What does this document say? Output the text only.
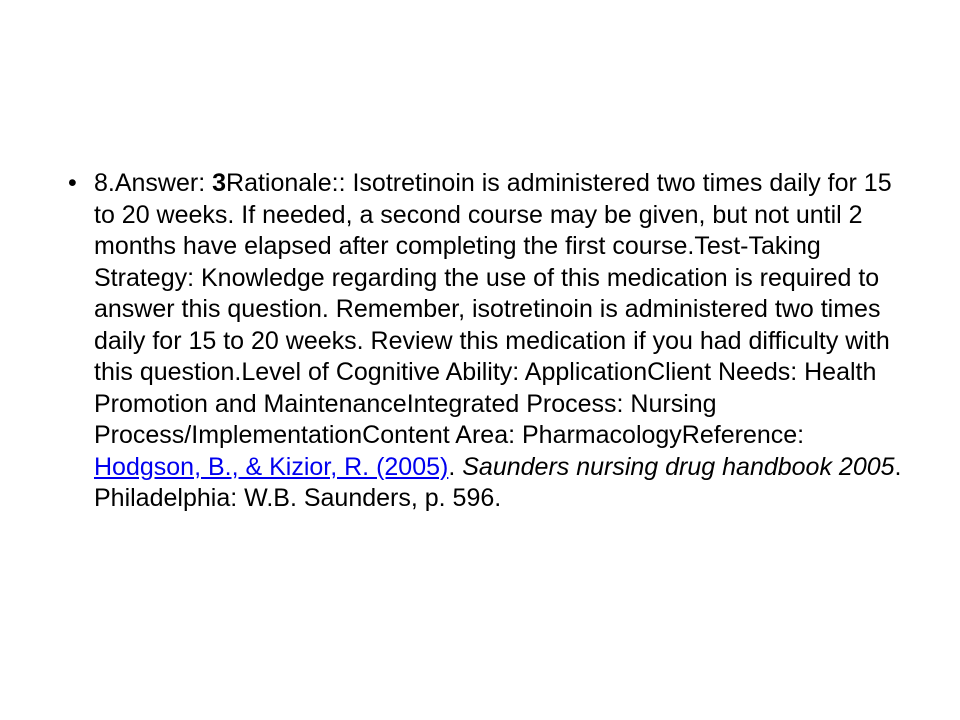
• 8.Answer: 3Rationale:: Isotretinoin is administered two times daily for 15 to 20 weeks. If needed, a second course may be given, but not until 2 months have elapsed after completing the first course.Test-Taking Strategy: Knowledge regarding the use of this medication is required to answer this question. Remember, isotretinoin is administered two times daily for 15 to 20 weeks. Review this medication if you had difficulty with this question.Level of Cognitive Ability: ApplicationClient Needs: Health Promotion and MaintenanceIntegrated Process: Nursing Process/ImplementationContent Area: PharmacologyReference: Hodgson, B., & Kizior, R. (2005). Saunders nursing drug handbook 2005. Philadelphia: W.B. Saunders, p. 596.
